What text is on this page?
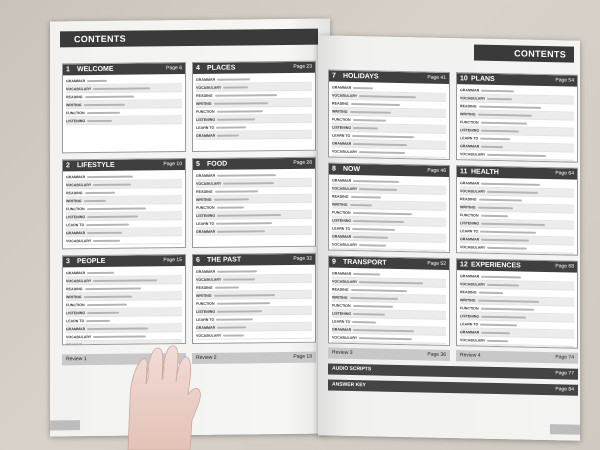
CONTENTS
1 WELCOME	Page 6
GRAMMAR
VOCABULARY
READING
WRITING
FUNCTION
LISTENING
4 PLACES	Page 23
GRAMMAR
VOCABULARY
READING
WRITING
FUNCTION
LISTENING
LEARN TO
GRAMMAR
2 LIFESTYLE	Page 10
GRAMMAR
VOCABULARY
READING
WRITING
FUNCTION
LISTENING
LEARN TO
GRAMMAR
VOCABULARY
5 FOOD	Page 28
GRAMMAR
VOCABULARY
READING
WRITING
FUNCTION
LISTENING
LEARN TO
GRAMMAR
3 PEOPLE	Page 15
GRAMMAR
VOCABULARY
READING
WRITING
FUNCTION
LISTENING
LEARN TO
GRAMMAR
VOCABULARY
READING
6 THE PAST	Page 32
GRAMMAR
VOCABULARY
READING
WRITING
FUNCTION
LISTENING
LEARN TO
GRAMMAR
VOCABULARY
Review 1	Review 2	Page 18
CONTENTS
7 HOLIDAYS	Page 41
GRAMMAR
VOCABULARY
READING
WRITING
FUNCTION
LISTENING
LEARN TO
GRAMMAR
VOCABULARY
READING
10 PLANS	Page 54
GRAMMAR
VOCABULARY
READING
WRITING
FUNCTION
LISTENING
LEARN TO
GRAMMAR
VOCABULARY
READING
8 NOW	Page 46
GRAMMAR
VOCABULARY
READING
WRITING
FUNCTION
LISTENING
LEARN TO
GRAMMAR
VOCABULARY
READING
11 HEALTH	Page 64
GRAMMAR
VOCABULARY
READING
WRITING
FUNCTION
LISTENING
LEARN TO
GRAMMAR
VOCABULARY
READING
9 TRANSPORT	Page 52
GRAMMAR
VOCABULARY
READING
WRITING
FUNCTION
LISTENING
LEARN TO
GRAMMAR
VOCABULARY
READING
12 EXPERIENCES	Page 68
GRAMMAR
VOCABULARY
READING
WRITING
FUNCTION
LISTENING
LEARN TO
GRAMMAR
VOCABULARY
READING
Review 3	Page 36	Review 4	Page 74
AUDIO SCRIPTS
Page 77
ANSWER KEY
Page 84
